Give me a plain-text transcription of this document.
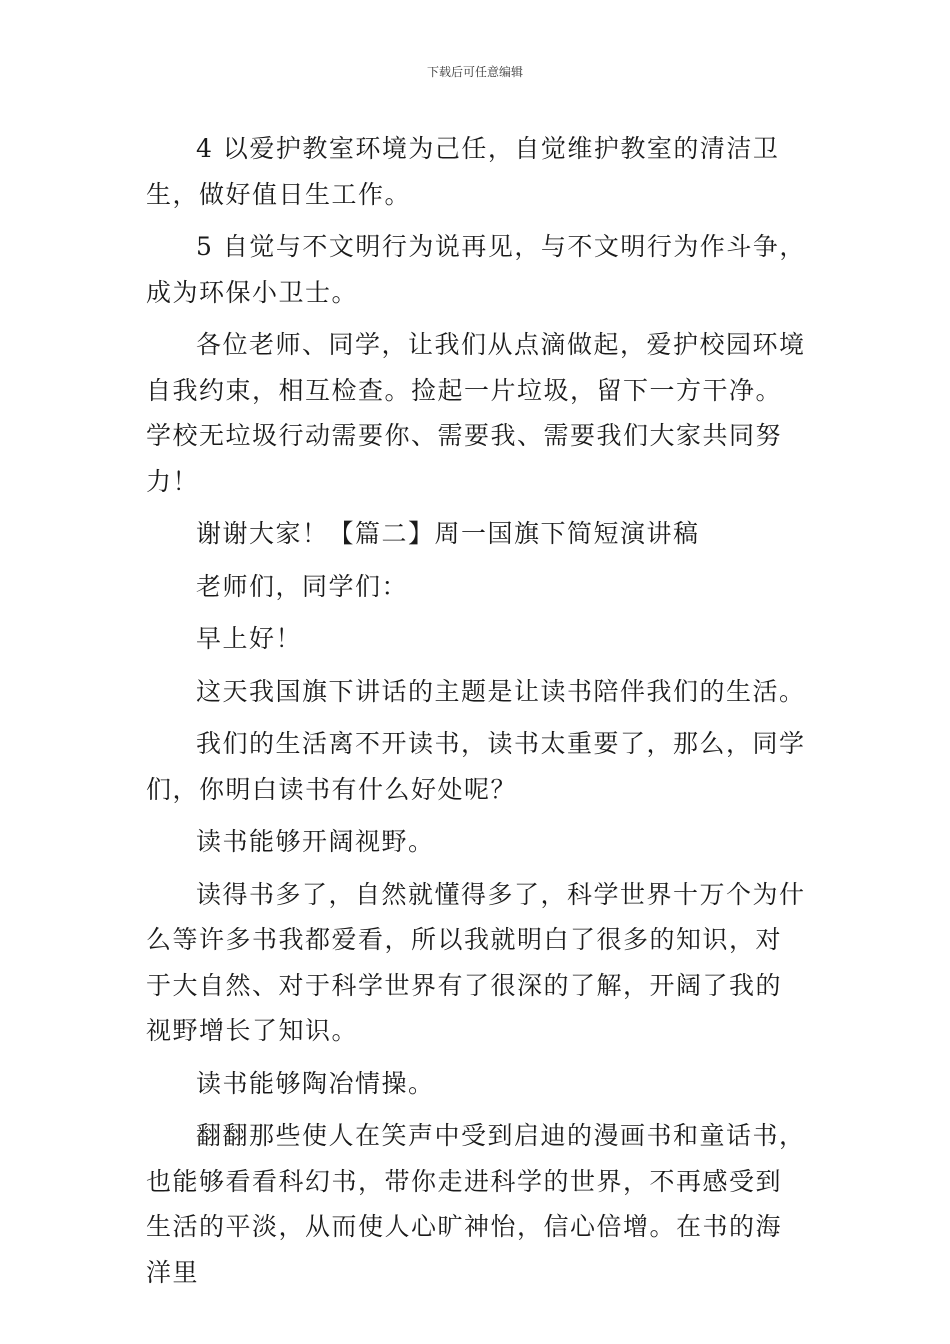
下载后可任意编辑

4 以爱护教室环境为己任，自觉维护教室的清洁卫生，做好值日生工作。

5 自觉与不文明行为说再见，与不文明行为作斗争，成为环保小卫士。

各位老师、同学，让我们从点滴做起，爱护校园环境自我约束，相互检查。捡起一片垃圾，留下一方干净。学校无垃圾行动需要你、需要我、需要我们大家共同努力！

谢谢大家！【篇二】周一国旗下简短演讲稿

老师们，同学们：

早上好！

这天我国旗下讲话的主题是让读书陪伴我们的生活。

我们的生活离不开读书，读书太重要了，那么，同学们，你明白读书有什么好处呢？

读书能够开阔视野。

读得书多了，自然就懂得多了，科学世界十万个为什么等许多书我都爱看，所以我就明白了很多的知识，对于大自然、对于科学世界有了很深的了解，开阔了我的视野增长了知识。

读书能够陶冶情操。

翻翻那些使人在笑声中受到启迪的漫画书和童话书，也能够看看科幻书，带你走进科学的世界，不再感受到生活的平淡，从而使人心旷神怡，信心倍增。在书的海洋里
